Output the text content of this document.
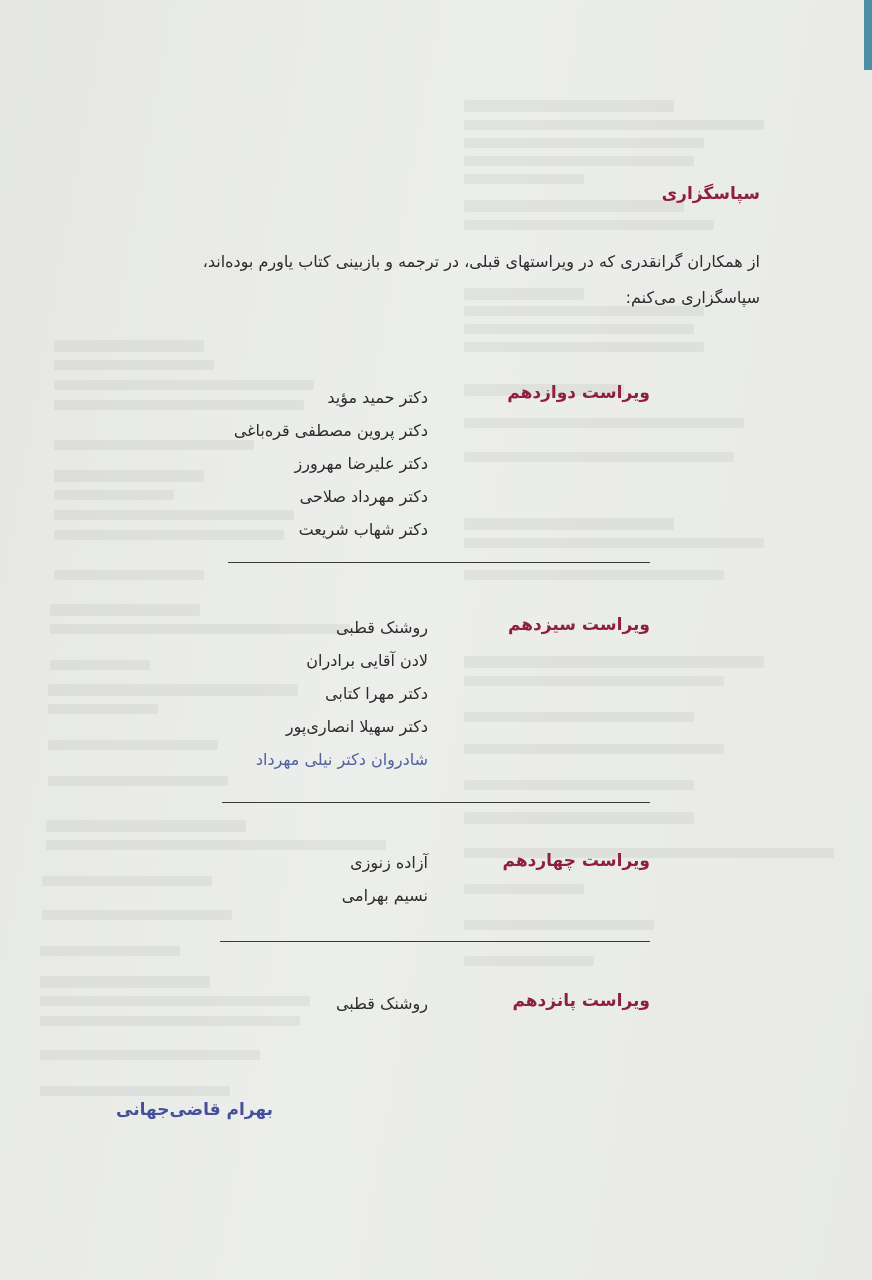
سپاسگزاری
از همکاران گرانقدری که در ویراستهای قبلی، در ترجمه و بازبینی کتاب یاورم بوده‌اند، سپاسگزاری می‌کنم:
ویراست دوازدهم
دکتر حمید مؤید
دکتر پروین مصطفی قره‌باغی
دکتر علیرضا مهرورز
دکتر مهرداد صلاحی
دکتر شهاب شریعت
ویراست سیزدهم
روشنک قطبی
لادن آقایی برادران
دکتر مهرا کتابی
دکتر سهیلا انصاری‌پور
شادروان دکتر نیلی مهرداد
ویراست چهاردهم
آزاده زنوزی
نسیم بهرامی
ویراست پانزدهم
روشنک قطبی
بهرام قاضی‌جهانی
